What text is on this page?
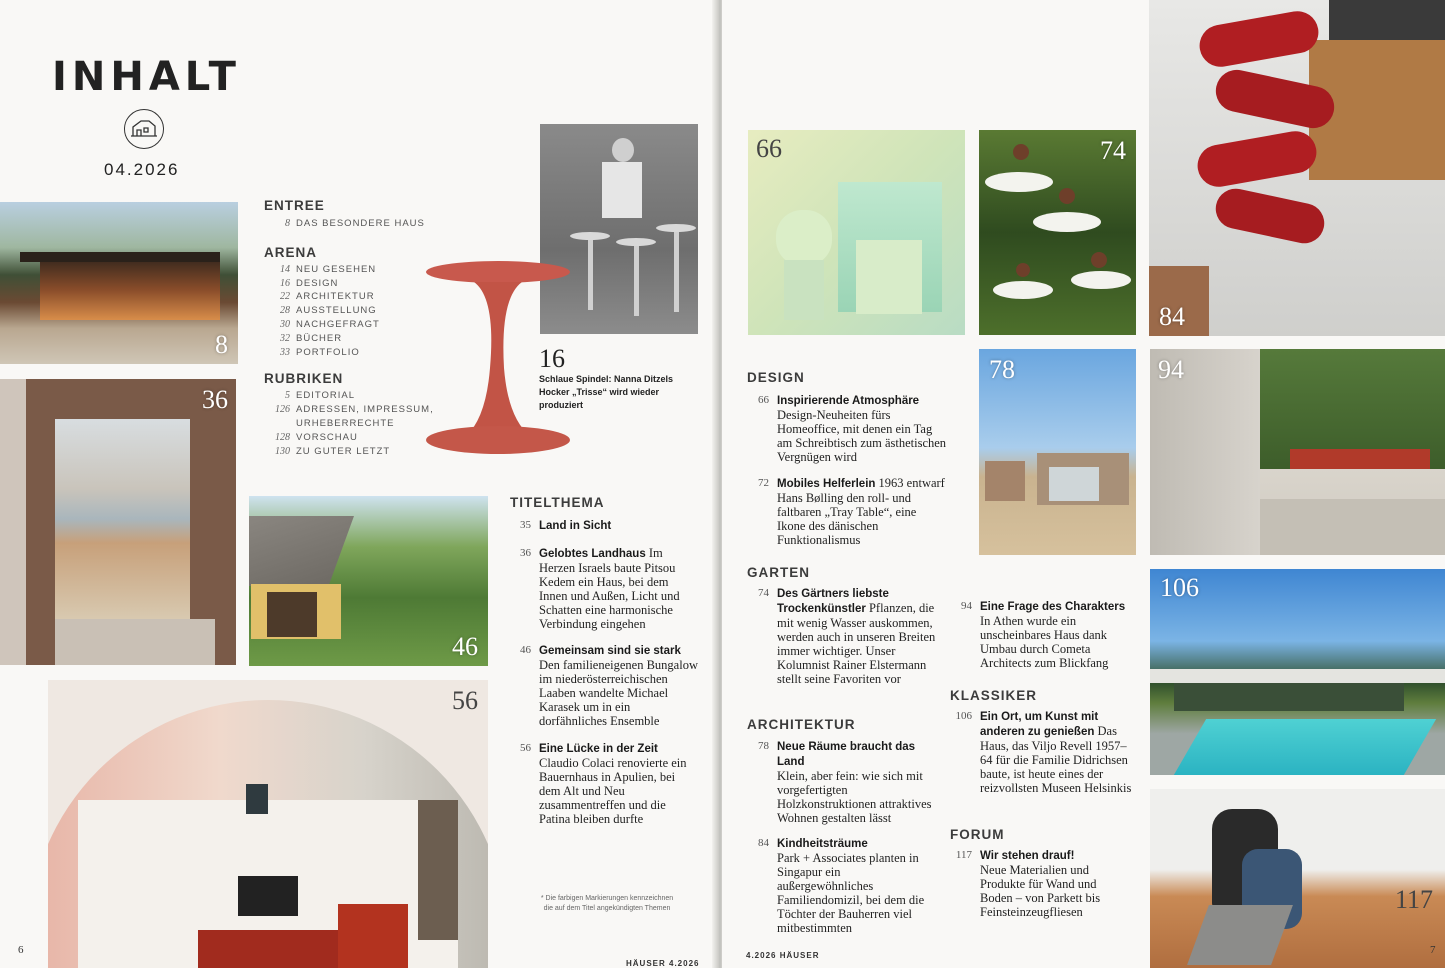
INHALT
04.2026
8
36
46
56
ENTREE
8 DAS BESONDERE HAUS
ARENA
14 NEU GESEHEN
16 DESIGN
22 ARCHITEKTUR
28 AUSSTELLUNG
30 NACHGEFRAGT
32 BÜCHER
33 PORTFOLIO
RUBRIKEN
5 EDITORIAL
126 ADRESSEN, IMPRESSUM,
URHEBERRECHTE
128 VORSCHAU
130 ZU GUTER LETZT
16
Schlaue Spindel: Nanna Ditzels Hocker „Trisse“ wird wieder produziert
TITELTHEMA
35 Land in Sicht
36 Gelobtes Landhaus Im Herzen Israels baute Pitsou Kedem ein Haus, bei dem Innen und Außen, Licht und Schatten eine harmonische Verbindung eingehen
46 Gemeinsam sind sie stark Den familieneigenen Bungalow im niederösterreichischen Laaben wandelte Michael Karasek um in ein dorfähnliches Ensemble
56 Eine Lücke in der Zeit Claudio Colaci renovierte ein Bauernhaus in Apulien, bei dem Alt und Neu zusammentreffen und die Patina bleiben durfte
* Die farbigen Markierungen kennzeichnen die auf dem Titel angekündigten Themen
6
HÄUSER 4.2026
66	74
84
78	94
106
117
DESIGN
66 Inspirierende Atmosphäre
Design-Neuheiten fürs Homeoffice, mit denen ein Tag am Schreibtisch zum ästhetischen Vergnügen wird
72 Mobiles Helferlein 1963 entwarf Hans Bølling den roll- und faltbaren „Tray Table“, eine Ikone des dänischen Funktionalismus
GARTEN
74 Des Gärtners liebste Trockenkünstler Pflanzen, die mit wenig Wasser auskommen, werden auch in unseren Breiten immer wichtiger. Unser Kolumnist Rainer Elstermann stellt seine Favoriten vor
ARCHITEKTUR
78 Neue Räume braucht das Land
Klein, aber fein: wie sich mit vorgefertigten Holzkonstruktionen attraktives Wohnen gestalten lässt
84 Kindheitsträume
Park + Associates planten in Singapur ein außergewöhnliches Familiendomizil, bei dem die Töchter der Bauherren viel mitbestimmten
94 Eine Frage des Charakters
In Athen wurde ein unscheinbares Haus dank Umbau durch Cometa Architects zum Blickfang
KLASSIKER
106 Ein Ort, um Kunst mit anderen zu genießen Das Haus, das Viljo Revell 1957–64 für die Familie Didrichsen baute, ist heute eines der reizvollsten Museen Helsinkis
FORUM
117 Wir stehen drauf!
Neue Materialien und Produkte für Wand und Boden – von Parkett bis Feinsteinzeugfliesen
4.2026 HÄUSER	7
